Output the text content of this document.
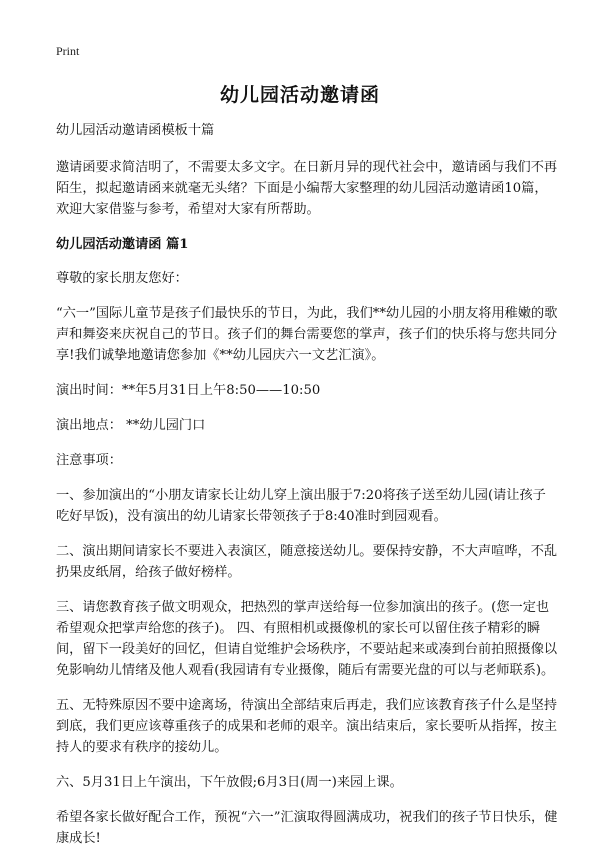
Print
幼儿园活动邀请函

幼儿园活动邀请函模板十篇

邀请函要求简洁明了，不需要太多文字。在日新月异的现代社会中，邀请函与我们不再陌生，拟起邀请函来就毫无头绪？下面是小编帮大家整理的幼儿园活动邀请函10篇，欢迎大家借鉴与参考，希望对大家有所帮助。

幼儿园活动邀请函 篇1

尊敬的家长朋友您好：

“六一”国际儿童节是孩子们最快乐的节日，为此，我们**幼儿园的小朋友将用稚嫩的歌声和舞姿来庆祝自己的节日。孩子们的舞台需要您的掌声，孩子们的快乐将与您共同分享!我们诚挚地邀请您参加《**幼儿园庆六一文艺汇演》。

演出时间：**年5月31日上午8:50——10:50

演出地点： **幼儿园门口

注意事项：

一、参加演出的“小朋友请家长让幼儿穿上演出服于7:20将孩子送至幼儿园(请让孩子吃好早饭)，没有演出的幼儿请家长带领孩子于8:40准时到园观看。

二、演出期间请家长不要进入表演区，随意接送幼儿。要保持安静，不大声喧哗，不乱扔果皮纸屑，给孩子做好榜样。

三、请您教育孩子做文明观众，把热烈的掌声送给每一位参加演出的孩子。(您一定也希望观众把掌声给您的孩子)。 四、有照相机或摄像机的家长可以留住孩子精彩的瞬间，留下一段美好的回忆，但请自觉维护会场秩序，不要站起来或凑到台前拍照摄像以免影响幼儿情绪及他人观看(我园请有专业摄像，随后有需要光盘的可以与老师联系)。

五、无特殊原因不要中途离场，待演出全部结束后再走，我们应该教育孩子什么是坚持到底，我们更应该尊重孩子的成果和老师的艰辛。演出结束后，家长要听从指挥，按主持人的要求有秩序的接幼儿。

六、5月31日上午演出，下午放假;6月3日(周一)来园上课。

希望各家长做好配合工作，预祝“六一”汇演取得圆满成功，祝我们的孩子节日快乐，健康成长!
